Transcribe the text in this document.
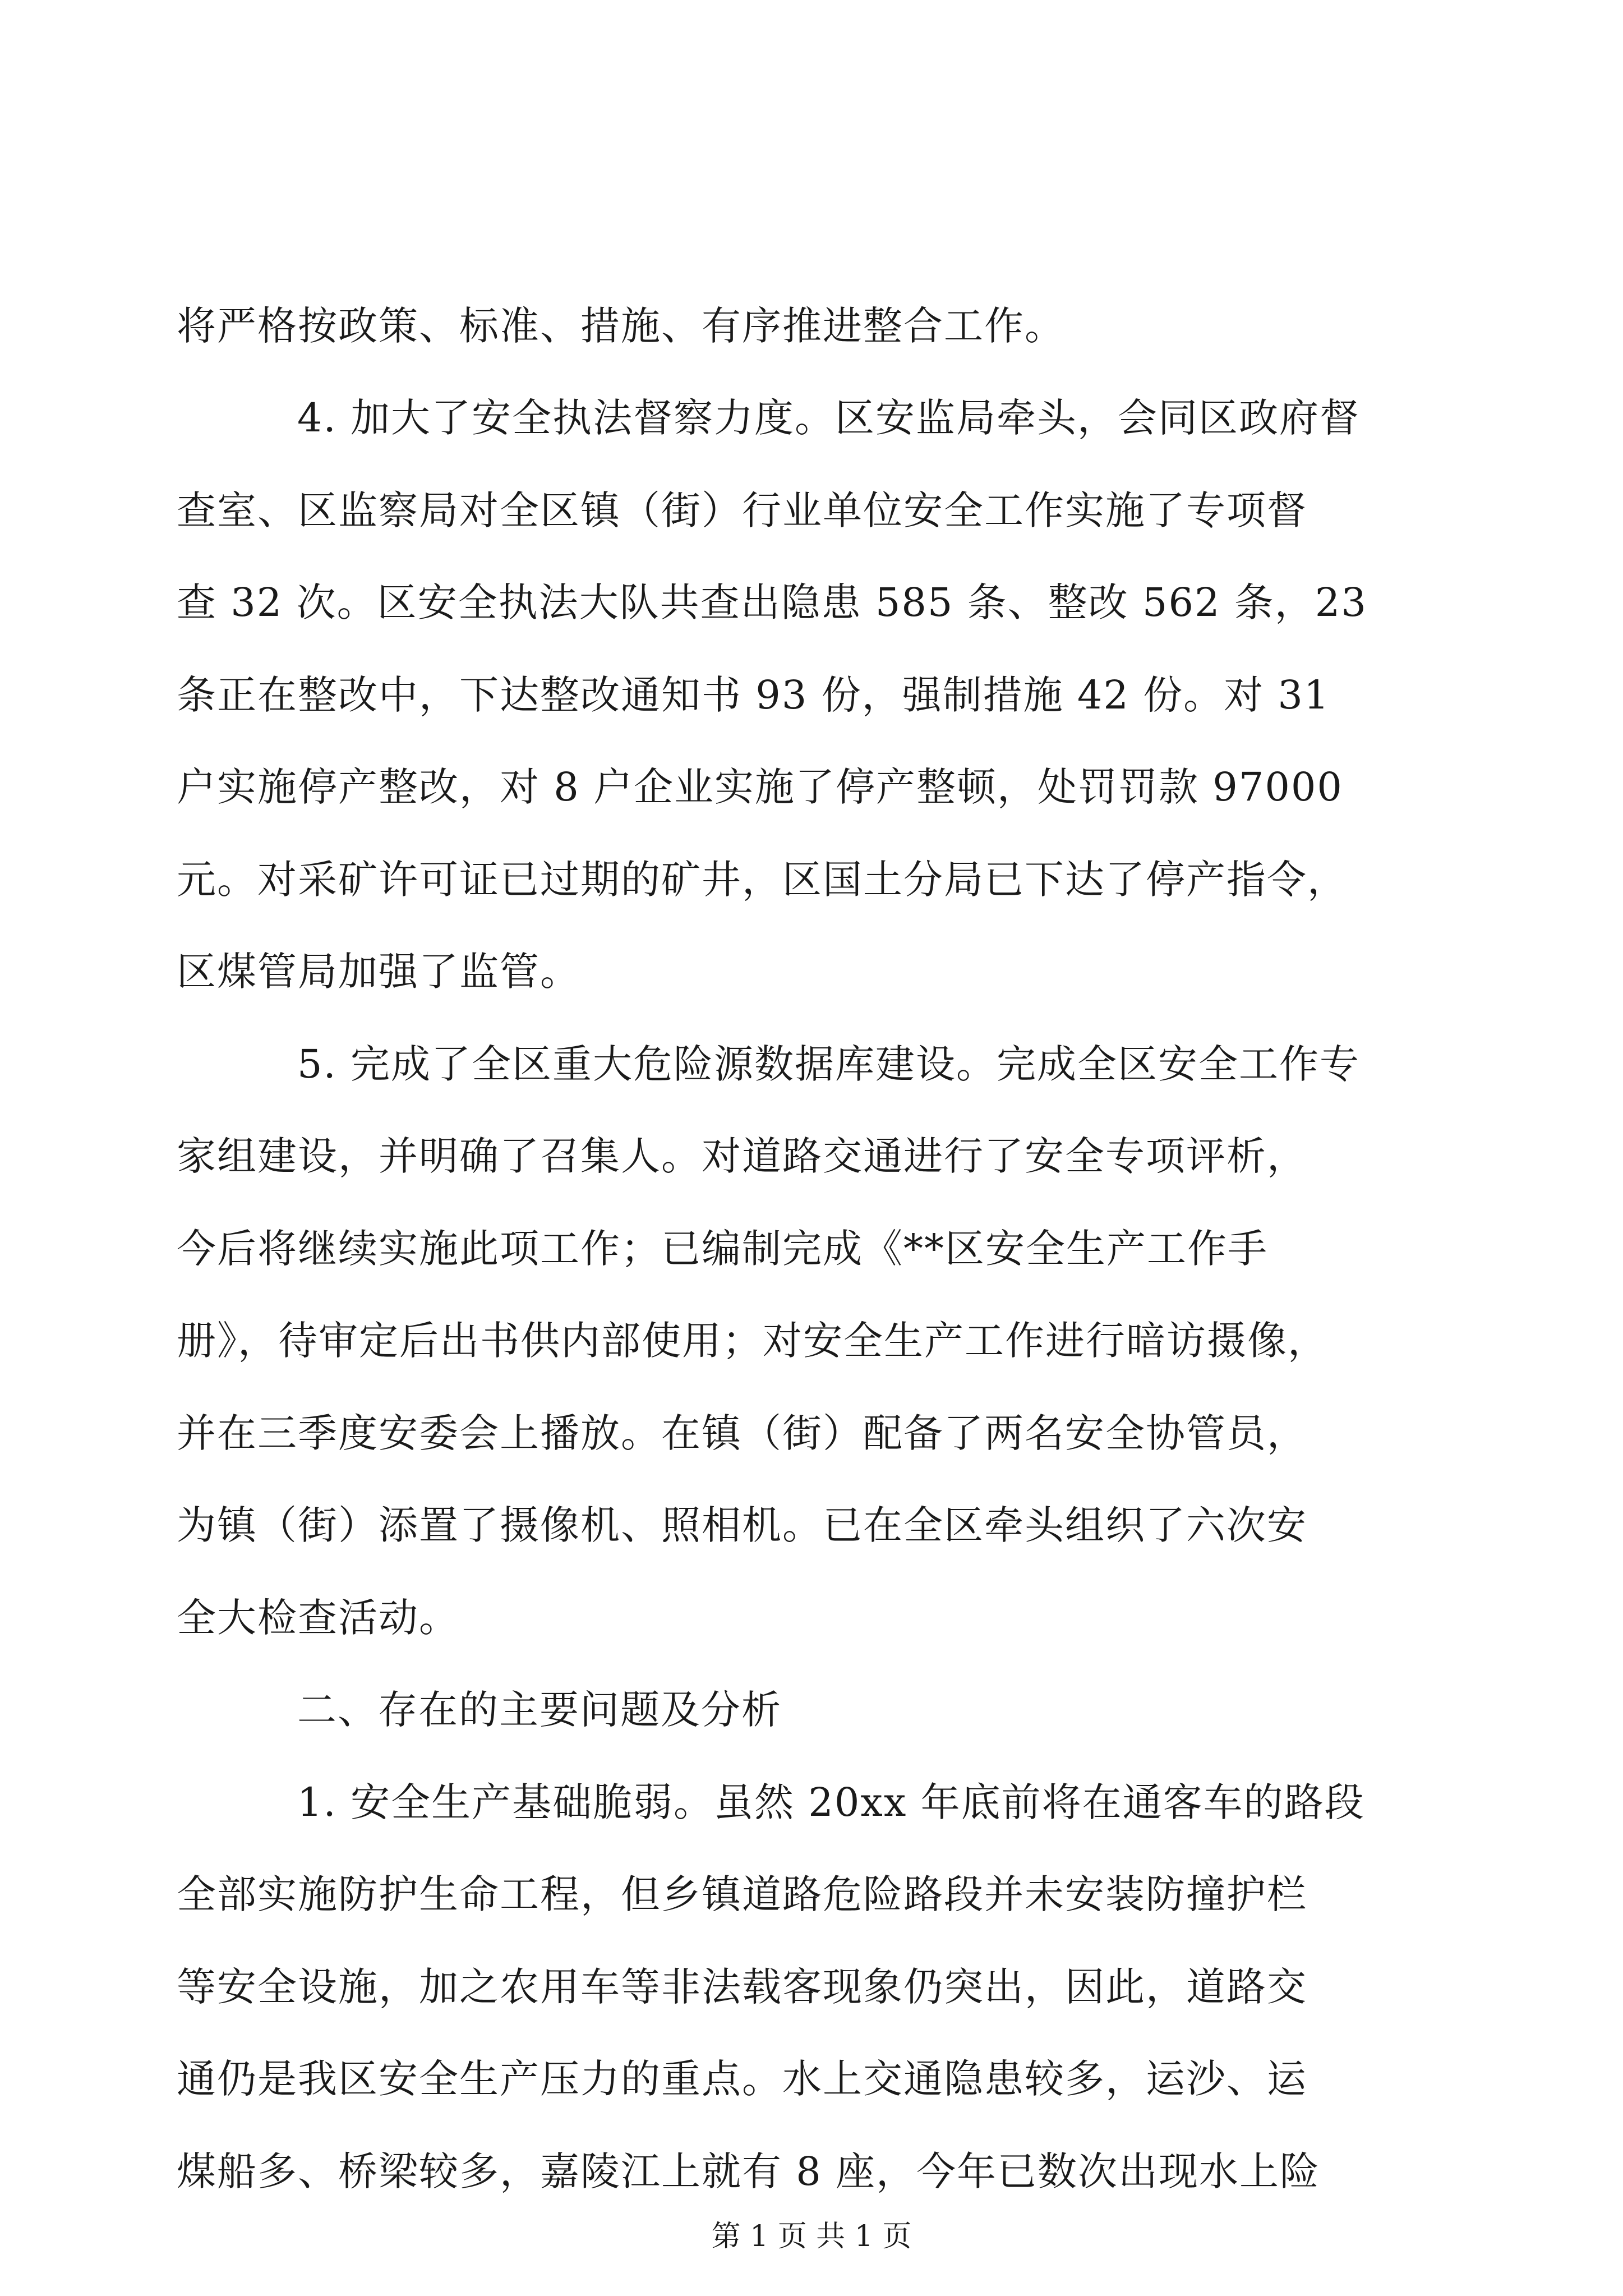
将严格按政策、标准、措施、有序推进整合工作。
4. 加大了安全执法督察力度。区安监局牵头，会同区政府督
查室、区监察局对全区镇（街）行业单位安全工作实施了专项督
查 32 次。区安全执法大队共查出隐患 585 条、整改 562 条，23
条正在整改中，下达整改通知书 93 份，强制措施 42 份。对 31
户实施停产整改，对 8 户企业实施了停产整顿，处罚罚款 97000
元。对采矿许可证已过期的矿井，区国土分局已下达了停产指令，
区煤管局加强了监管。
5. 完成了全区重大危险源数据库建设。完成全区安全工作专
家组建设，并明确了召集人。对道路交通进行了安全专项评析，
今后将继续实施此项工作；已编制完成《**区安全生产工作手
册》，待审定后出书供内部使用；对安全生产工作进行暗访摄像，
并在三季度安委会上播放。在镇（街）配备了两名安全协管员，
为镇（街）添置了摄像机、照相机。已在全区牵头组织了六次安
全大检查活动。
二、存在的主要问题及分析
1. 安全生产基础脆弱。虽然 20xx 年底前将在通客车的路段
全部实施防护生命工程，但乡镇道路危险路段并未安装防撞护栏
等安全设施，加之农用车等非法载客现象仍突出，因此，道路交
通仍是我区安全生产压力的重点。水上交通隐患较多，运沙、运
煤船多、桥梁较多，嘉陵江上就有 8 座，今年已数次出现水上险
第 1 页 共 1 页
